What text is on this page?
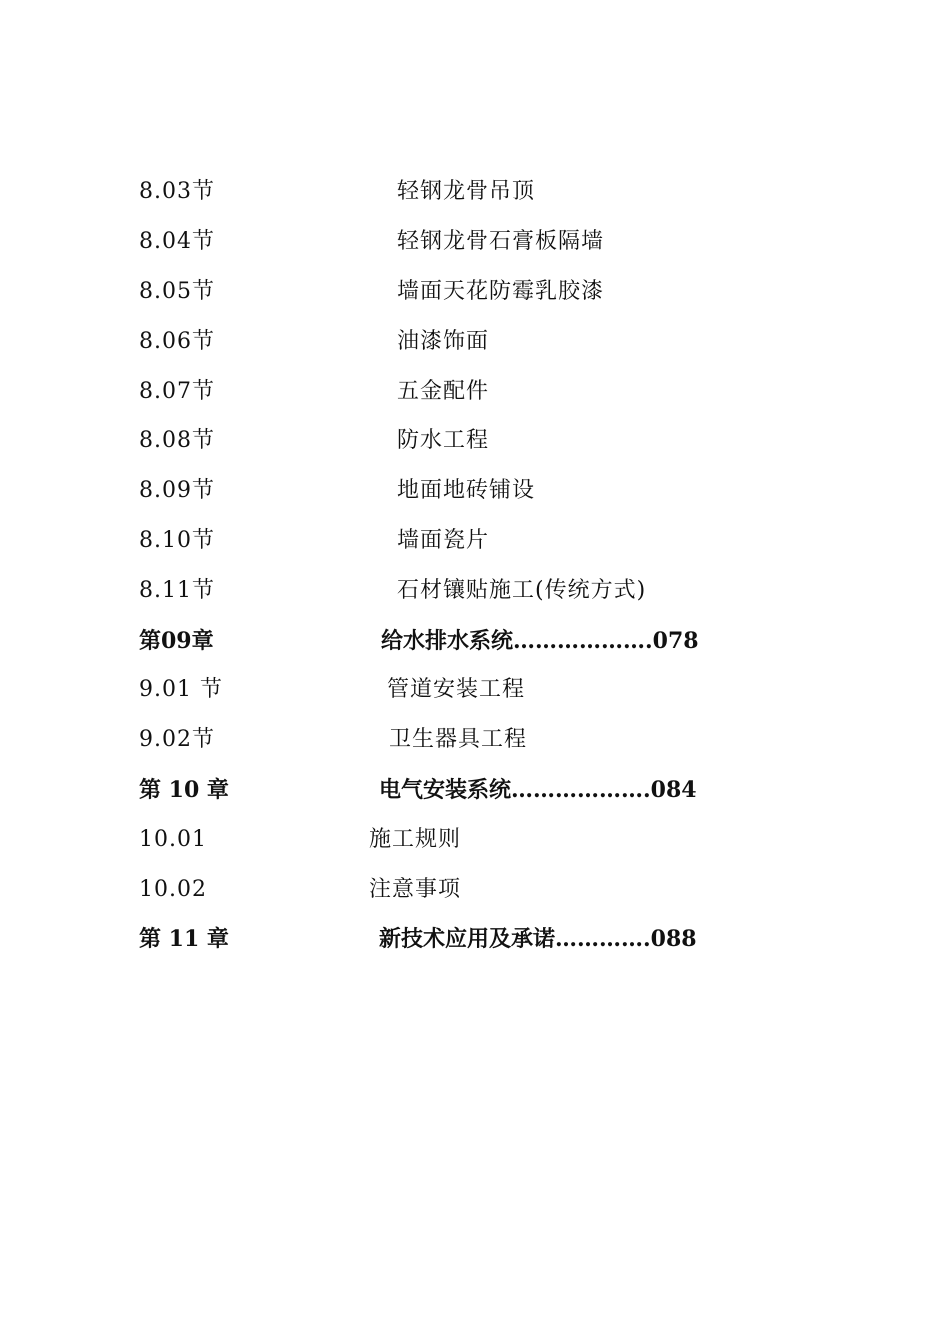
8.03节	轻钢龙骨吊顶
8.04节	轻钢龙骨石膏板隔墙
8.05节	墙面天花防霉乳胶漆
8.06节	油漆饰面
8.07节	五金配件
8.08节	防水工程
8.09节	地面地砖铺设
8.10节	墙面瓷片
8.11节	石材镶贴施工(传统方式)
第09章	给水排水系统……………….078
9.01 节	管道安装工程
9.02节	卫生器具工程
第 10 章	电气安装系统……………….084
10.01	施工规则
10.02	注意事项
第 11 章	新技术应用及承诺………….088
